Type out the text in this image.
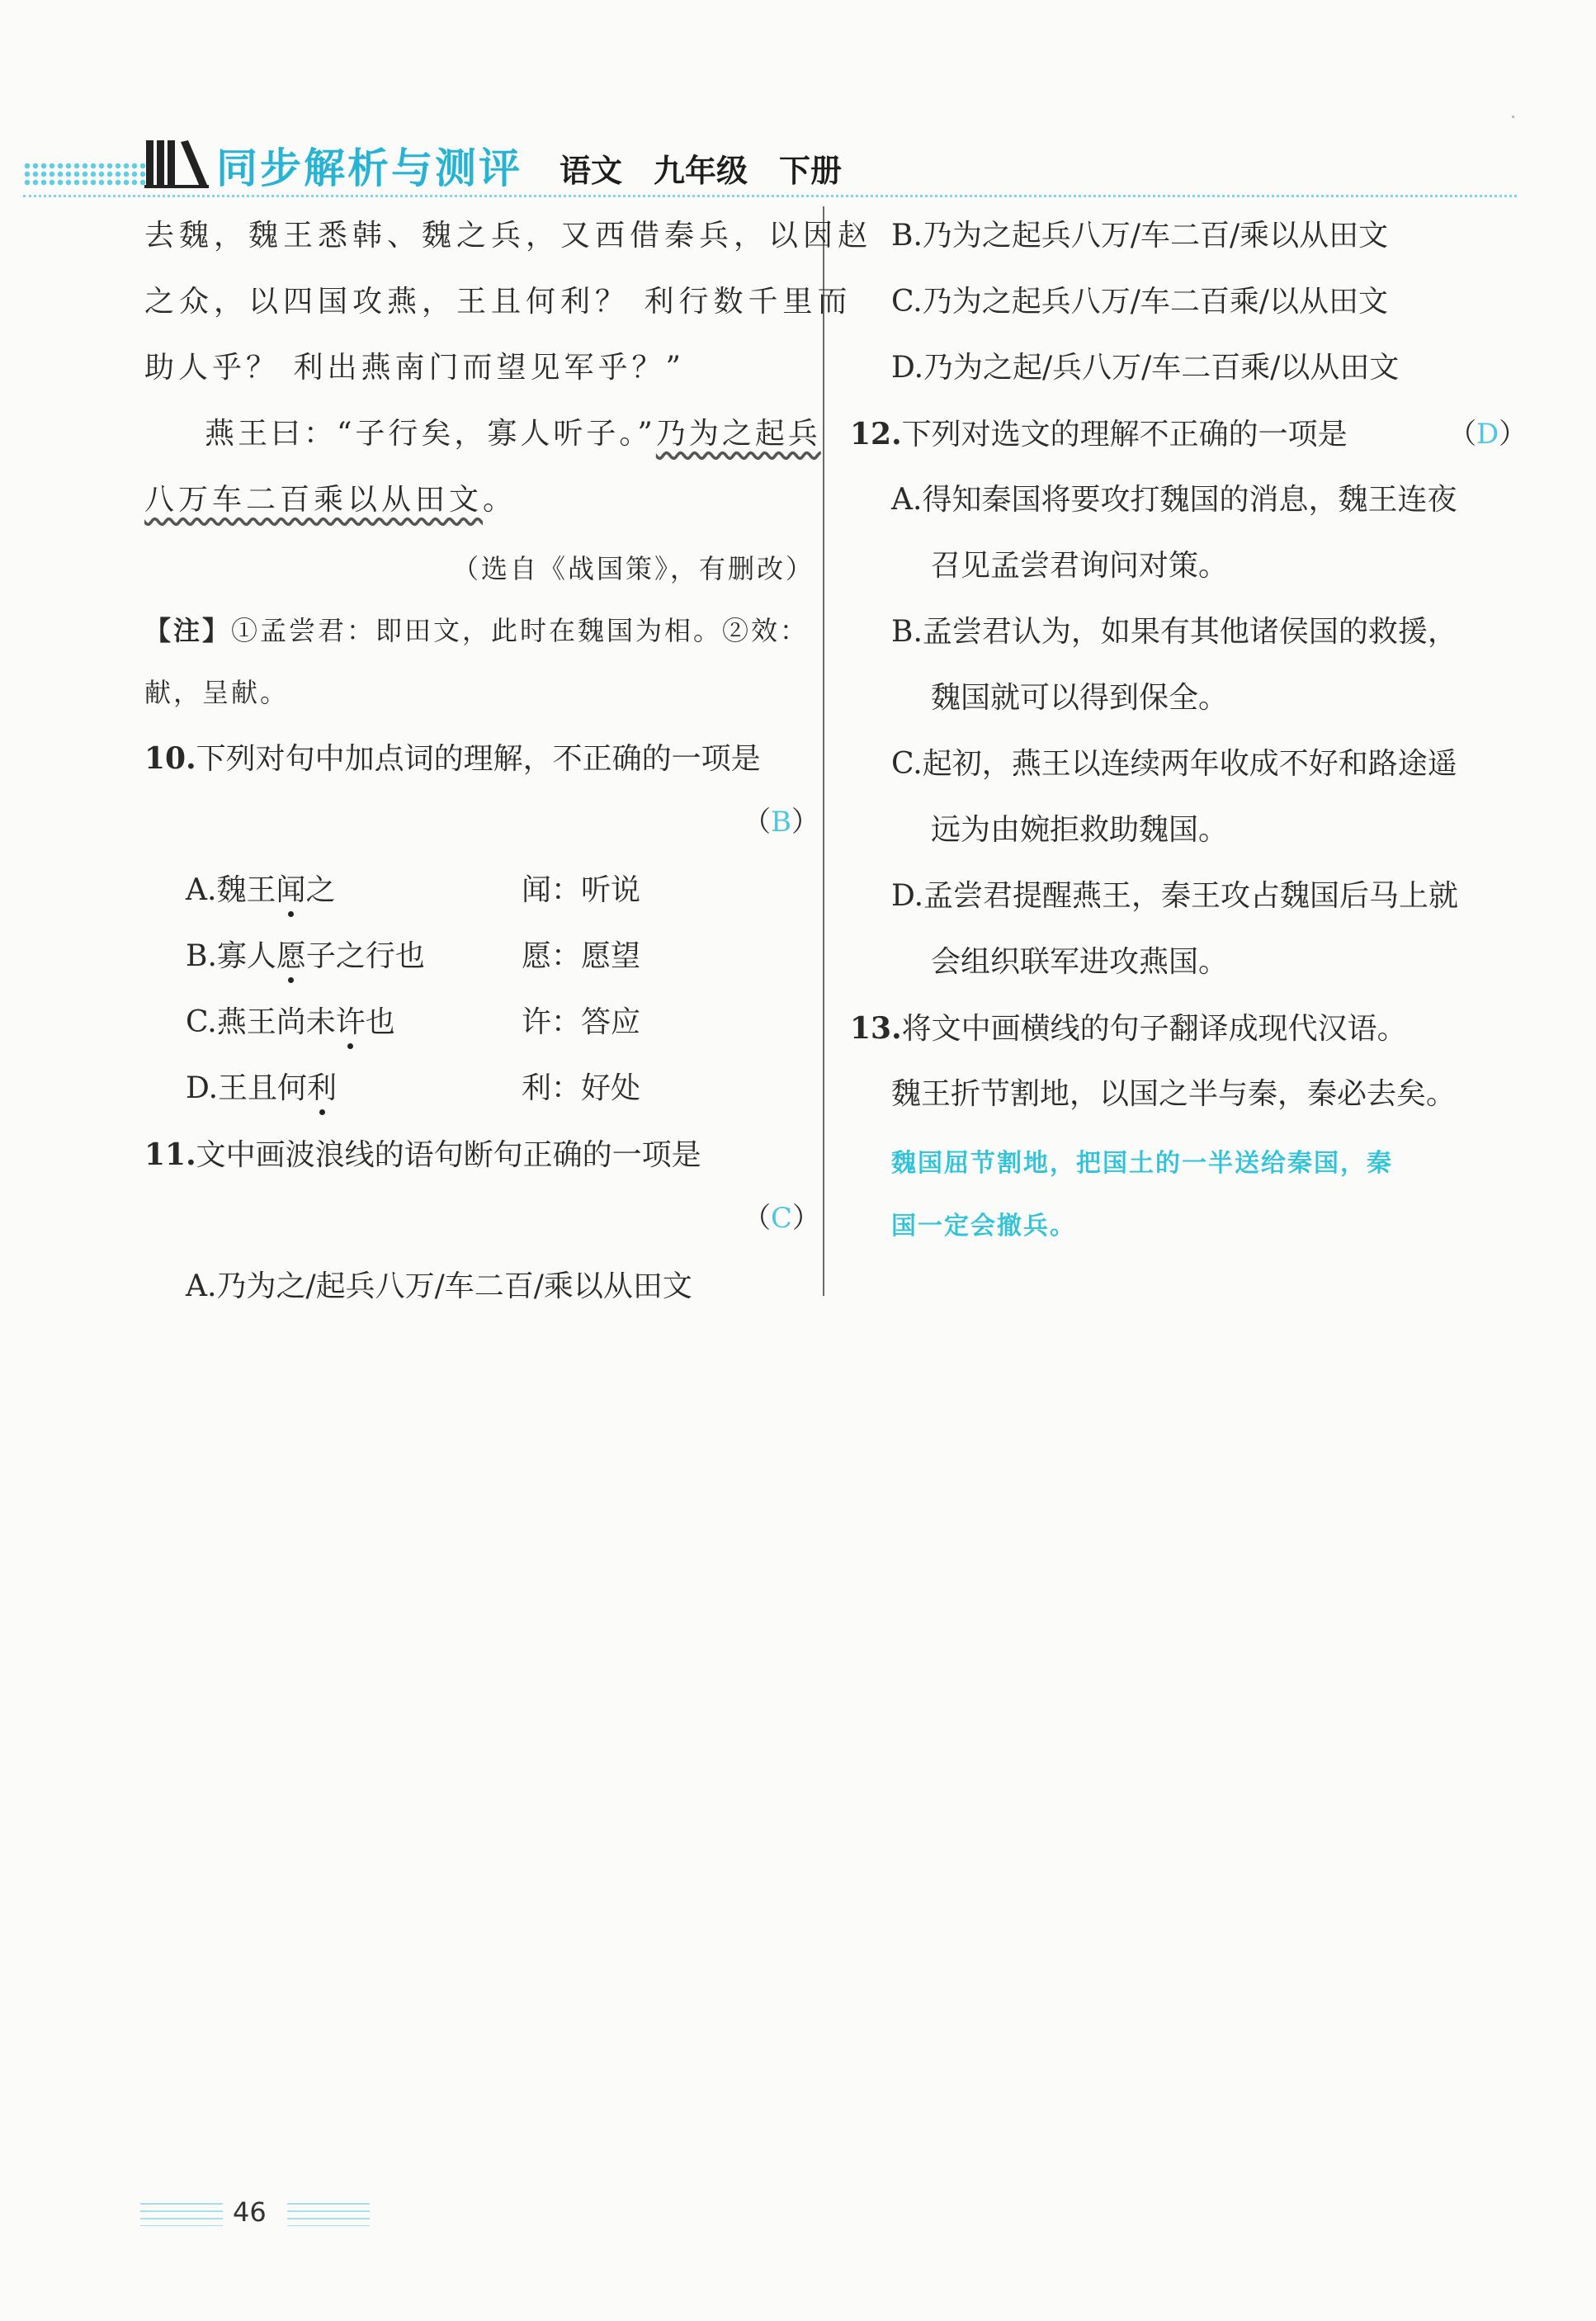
同步解析与测评 语文　九年级　下册
去魏，魏王悉韩、魏之兵，又西借秦兵，以因赵
之众，以四国攻燕，王且何利？ 利行数千里而
助人乎？ 利出燕南门而望见军乎？”
燕王曰：“子行矣，寡人听子。”乃为之起兵
八万车二百乘以从田文。
（选自《战国策》，有删改）
【注】①孟尝君：即田文，此时在魏国为相。②效：
献，呈献。
10.下列对句中加点词的理解，不正确的一项是
（B）
A.魏王闻之	闻：听说
B.寡人愿子之行也	愿：愿望
C.燕王尚未许也	许：答应
D.王且何利	利：好处
11.文中画波浪线的语句断句正确的一项是
（C）
A.乃为之/起兵八万/车二百/乘以从田文
B.乃为之起兵八万/车二百/乘以从田文
C.乃为之起兵八万/车二百乘/以从田文
D.乃为之起/兵八万/车二百乘/以从田文
12.下列对选文的理解不正确的一项是	（D）
A.得知秦国将要攻打魏国的消息，魏王连夜
召见孟尝君询问对策。
B.孟尝君认为，如果有其他诸侯国的救援，
魏国就可以得到保全。
C.起初，燕王以连续两年收成不好和路途遥
远为由婉拒救助魏国。
D.孟尝君提醒燕王，秦王攻占魏国后马上就
会组织联军进攻燕国。
13.将文中画横线的句子翻译成现代汉语。
魏王折节割地，以国之半与秦，秦必去矣。
魏国屈节割地，把国土的一半送给秦国，秦
国一定会撤兵。
46
